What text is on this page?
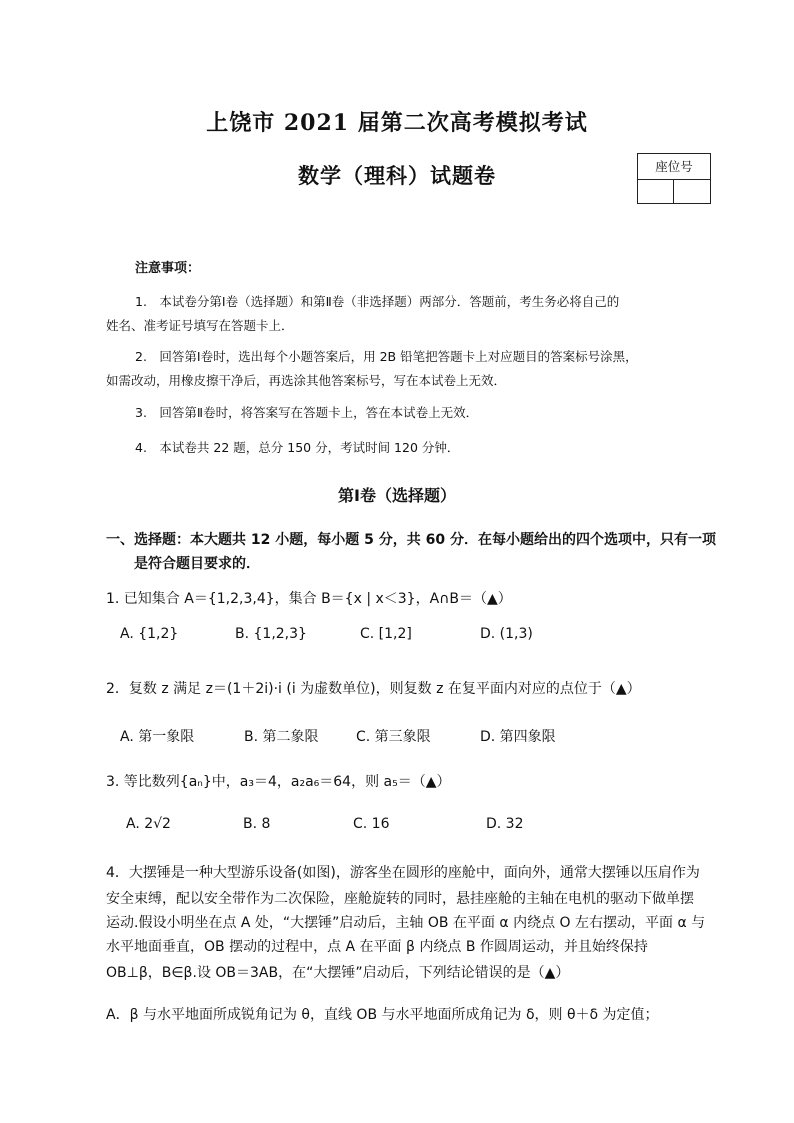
上饶市 2021 届第二次高考模拟考试
数学（理科）试题卷	座位号
注意事项：
1.　本试卷分第Ⅰ卷（选择题）和第Ⅱ卷（非选择题）两部分．答题前，考生务必将自己的
姓名、准考证号填写在答题卡上．
2.　回答第Ⅰ卷时，选出每个小题答案后，用 2B 铅笔把答题卡上对应题目的答案标号涂黑，
如需改动，用橡皮擦干净后，再选涂其他答案标号，写在本试卷上无效．
3.　回答第Ⅱ卷时，将答案写在答题卡上，答在本试卷上无效．
4.　本试卷共 22 题，总分 150 分，考试时间 120 分钟．
第Ⅰ卷（选择题）
一、选择题：本大题共 12 小题，每小题 5 分，共 60 分．在每小题给出的四个选项中，只有一项
是符合题目要求的．
1. 已知集合 A＝{1,2,3,4}，集合 B＝{x | x＜3}，A∩B＝（▲）
A. {1,2}	B. {1,2,3}	C. [1,2]	D. (1,3)
2．复数 z 满足 z＝(1＋2i)·i (i 为虚数单位)，则复数 z 在复平面内对应的点位于（▲）
A. 第一象限	B. 第二象限	C. 第三象限	D. 第四象限
3. 等比数列{aₙ}中，a₃＝4，a₂a₆＝64，则 a₅＝（▲）
A. 2√2	B. 8	C. 16	D. 32
4．大摆锤是一种大型游乐设备(如图)，游客坐在圆形的座舱中，面向外，通常大摆锤以压肩作为
安全束缚，配以安全带作为二次保险，座舱旋转的同时，悬挂座舱的主轴在电机的驱动下做单摆
运动.假设小明坐在点 A 处，“大摆锤”启动后，主轴 OB 在平面 α 内绕点 O 左右摆动，平面 α 与
水平地面垂直，OB 摆动的过程中，点 A 在平面 β 内绕点 B 作圆周运动，并且始终保持
OB⊥β，B∈β.设 OB＝3AB，在“大摆锤”启动后，下列结论错误的是（▲）
A．β 与水平地面所成锐角记为 θ，直线 OB 与水平地面所成角记为 δ，则 θ＋δ 为定值；
